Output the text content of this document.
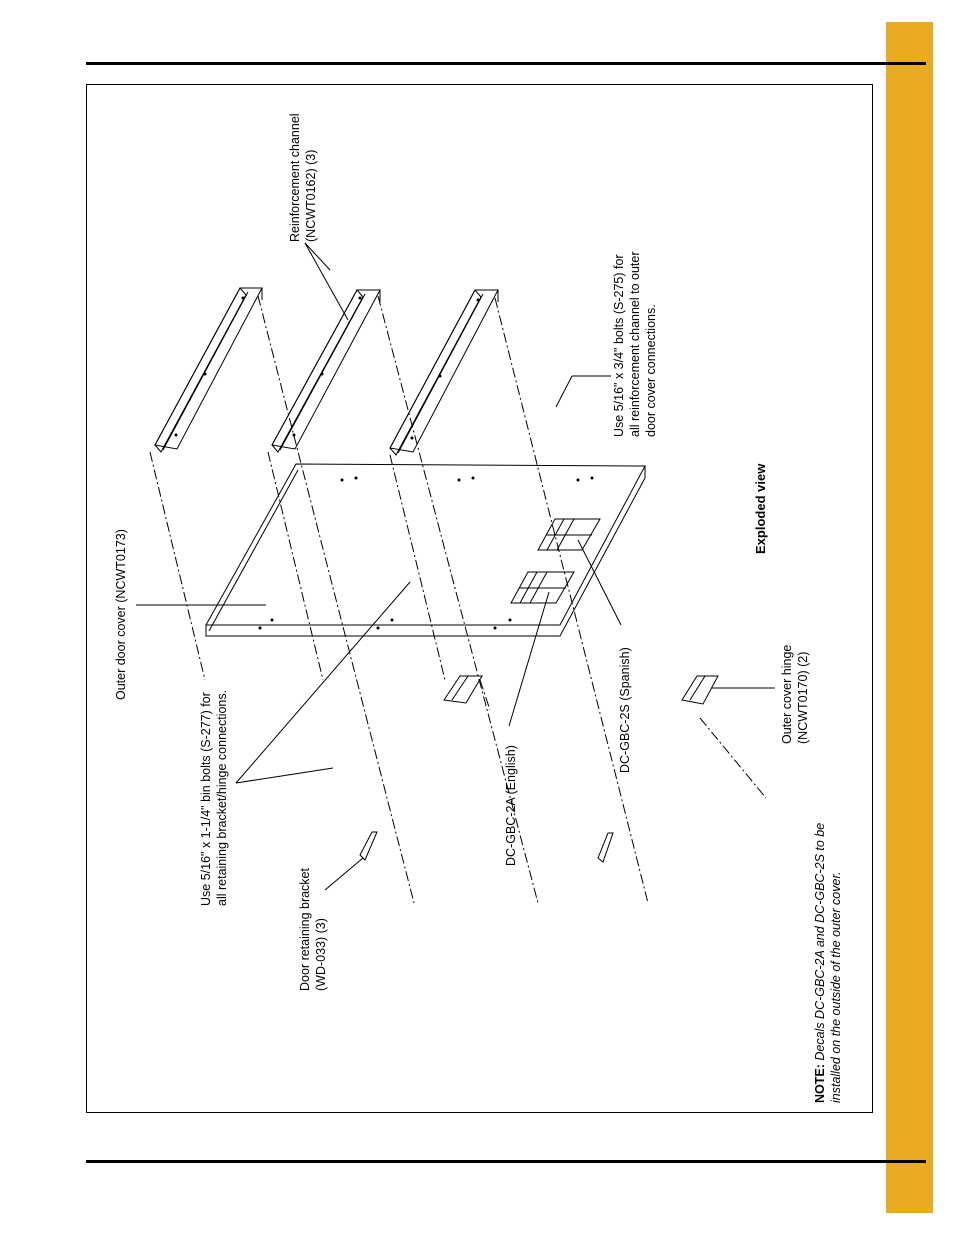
Reinforcement channel (NCWT0162) (3)
Use 5/16" x 3/4" bolts (S-275) for all reinforcement channel to outer door cover connections.
Outer door cover (NCWT0173)
Exploded view
Use 5/16" x 1-1/4" bin bolts (S-277) for all retaining bracket/hinge connections.	DC-GBC-2A (English)
DC-GBC-2S (Spanish)	Outer cover hinge (NCWT0170) (2)
Door retaining bracket (WD-033) (3)
NOTE: Decals DC-GBC-2A and DC-GBC-2S to be installed on the outside of the outer cover.
